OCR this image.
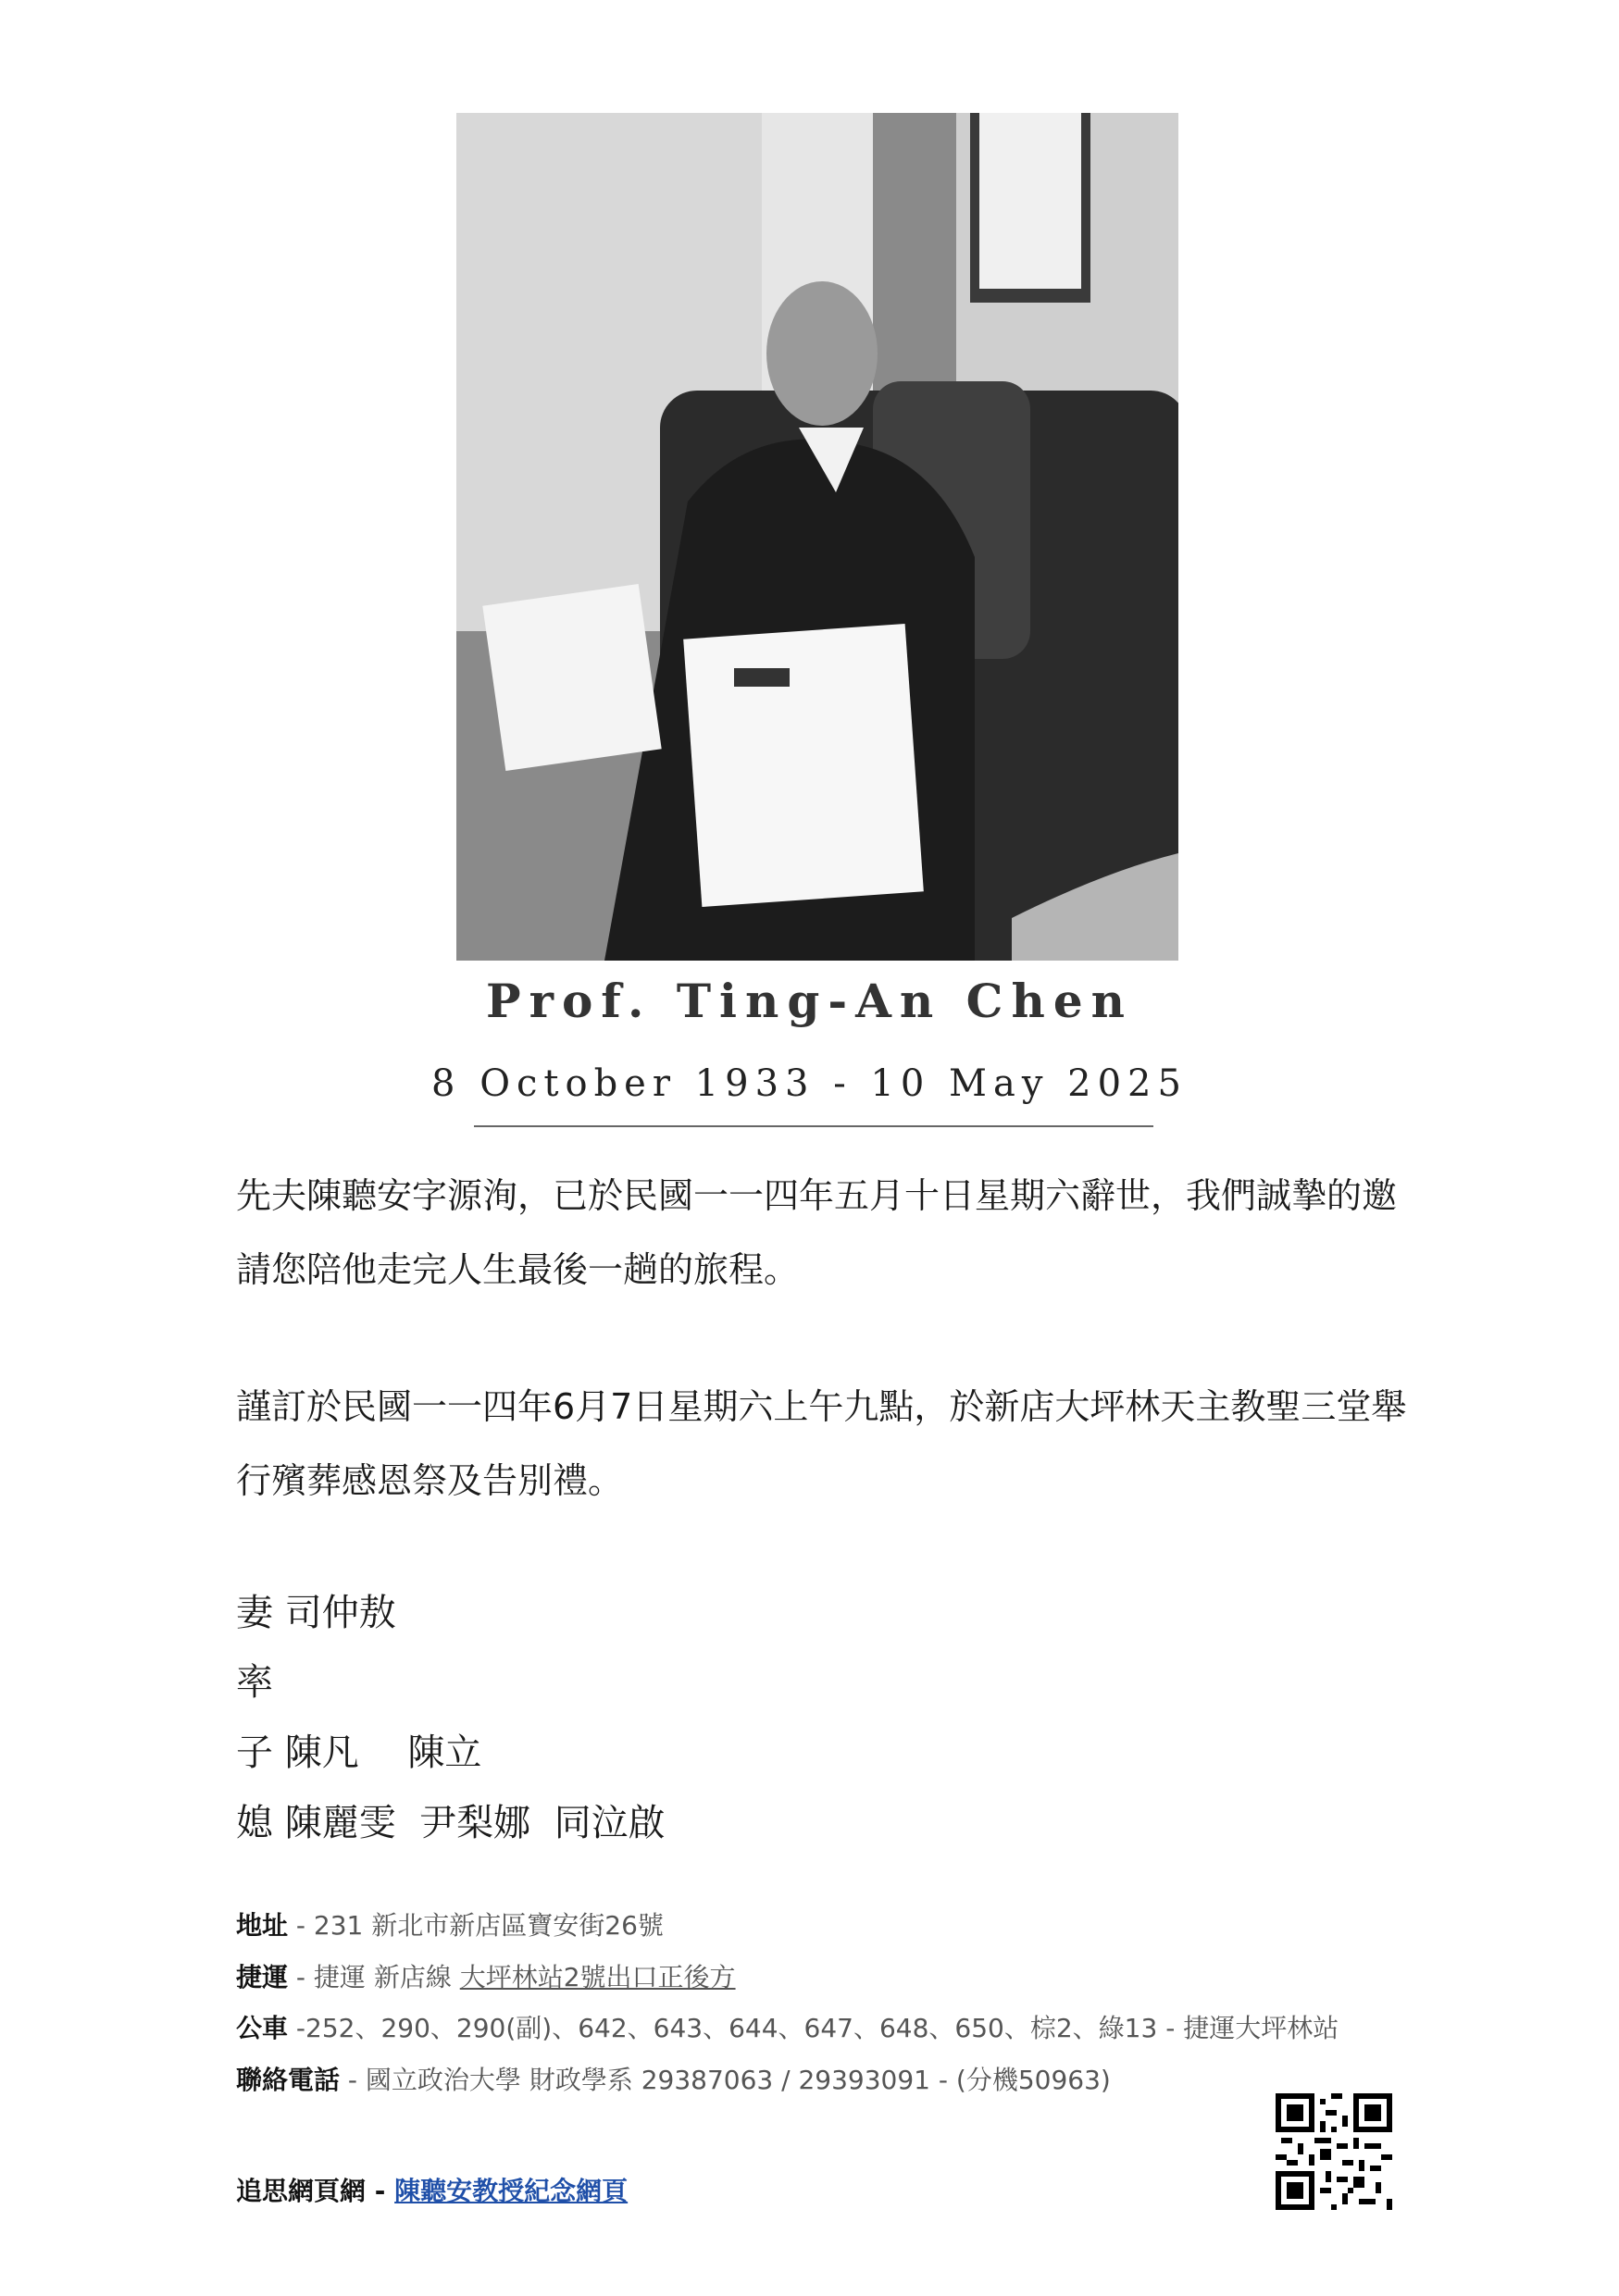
Prof. Ting-An Chen
8 October 1933 - 10 May 2025
先夫陳聽安字源洵，已於民國一一四年五月十日星期六辭世，我們誠摯的邀請您陪他走完人生最後一趟的旅程。
謹訂於民國一一四年6月7日星期六上午九點，於新店大坪林天主教聖三堂舉行殯葬感恩祭及告別禮。
妻 司仲敖
率
子 陳凡　 陳立
媳 陳麗雯  尹梨娜  同泣啟
地址 - 231 新北市新店區寶安街26號
捷運 - 捷運 新店線 大坪林站2號出口正後方
公車 -252、290、290(副)、642、643、644、647、648、650、棕2、綠13 - 捷運大坪林站
聯絡電話 - 國立政治大學 財政學系 29387063 / 29393091 - (分機50963)
追思網頁網 - 陳聽安教授紀念網頁
